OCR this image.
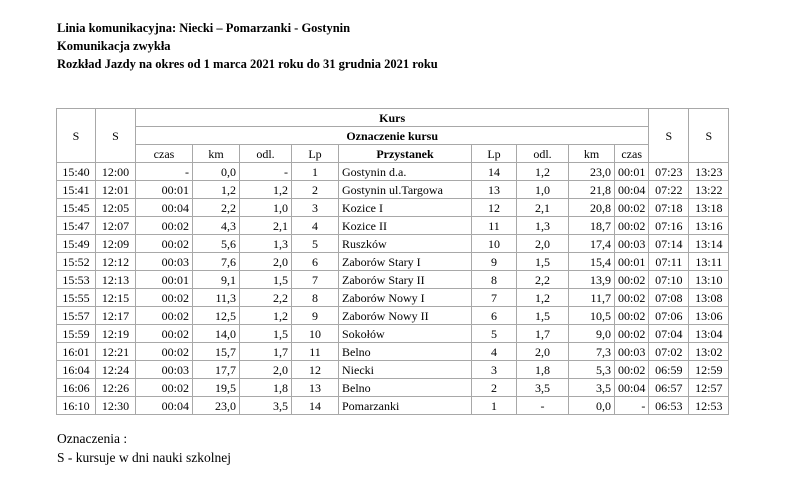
Linia komunikacyjna: Niecki – Pomarzanki - Gostynin
Komunikacja zwykła
Rozkład Jazdy na okres od 1 marca 2021 roku do 31 grudnia 2021 roku
S	S	Kurs									S	S
		Oznaczenie kursu										
		czas	km	odl.	Lp	Przystanek	Lp	odl.	km	czas		
15:40	12:00	-	0,0	-	1	Gostynin d.a.	14	1,2	23,0	00:01	07:23	13:23
15:41	12:01	00:01	1,2	1,2	2	Gostynin ul.Targowa	13	1,0	21,8	00:04	07:22	13:22
15:45	12:05	00:04	2,2	1,0	3	Kozice I	12	2,1	20,8	00:02	07:18	13:18
15:47	12:07	00:02	4,3	2,1	4	Kozice II	11	1,3	18,7	00:02	07:16	13:16
15:49	12:09	00:02	5,6	1,3	5	Ruszków	10	2,0	17,4	00:03	07:14	13:14
15:52	12:12	00:03	7,6	2,0	6	Zaborów Stary I	9	1,5	15,4	00:01	07:11	13:11
15:53	12:13	00:01	9,1	1,5	7	Zaborów Stary II	8	2,2	13,9	00:02	07:10	13:10
15:55	12:15	00:02	11,3	2,2	8	Zaborów Nowy I	7	1,2	11,7	00:02	07:08	13:08
15:57	12:17	00:02	12,5	1,2	9	Zaborów Nowy II	6	1,5	10,5	00:02	07:06	13:06
15:59	12:19	00:02	14,0	1,5	10	Sokołów	5	1,7	9,0	00:02	07:04	13:04
16:01	12:21	00:02	15,7	1,7	11	Belno	4	2,0	7,3	00:03	07:02	13:02
16:04	12:24	00:03	17,7	2,0	12	Niecki	3	1,8	5,3	00:02	06:59	12:59
16:06	12:26	00:02	19,5	1,8	13	Belno	2	3,5	3,5	00:04	06:57	12:57
16:10	12:30	00:04	23,0	3,5	14	Pomarzanki	1	-	0,0	-	06:53	12:53
Oznaczenia :
S - kursuje w dni nauki szkolnej
